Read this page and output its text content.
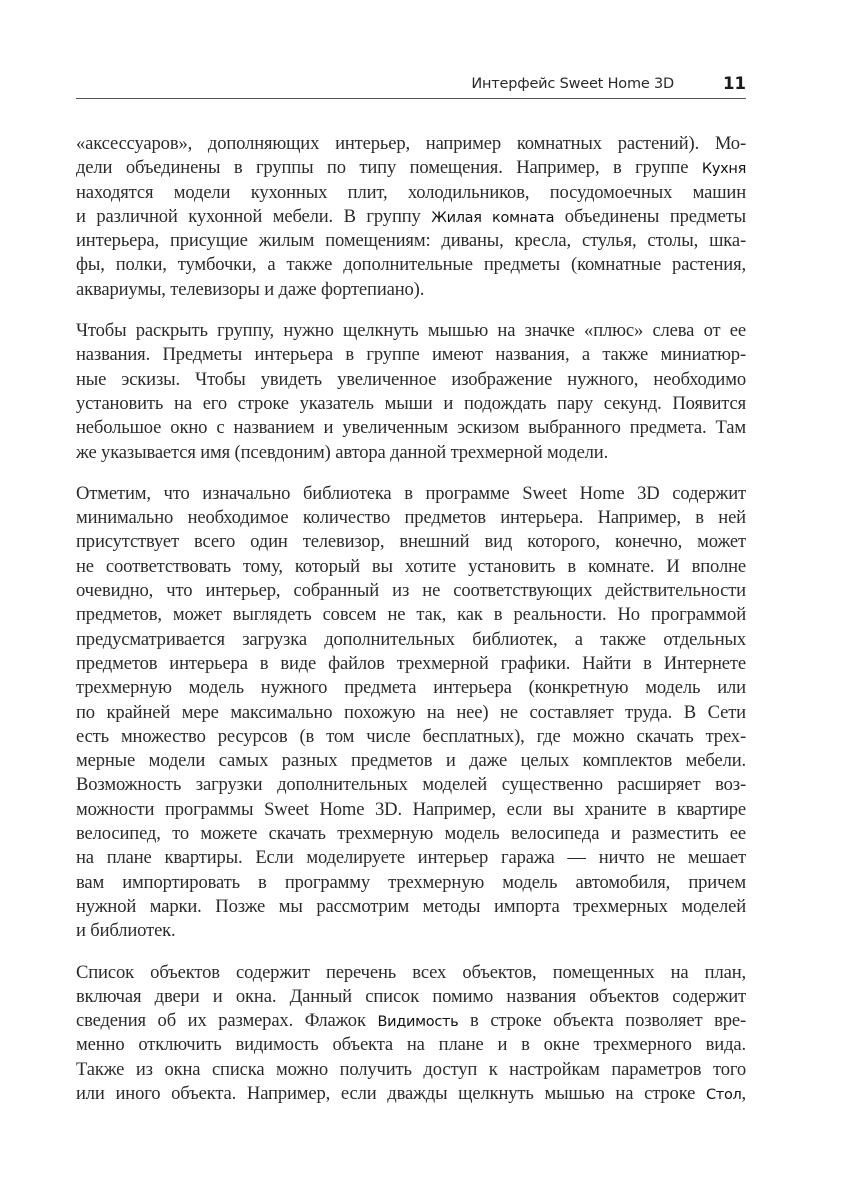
Интерфейс Sweet Home 3D	11
«аксессуаров», дополняющих интерьер, например комнатных растений). Мо-
дели объединены в группы по типу помещения. Например, в группе Кухня
находятся модели кухонных плит, холодильников, посудомоечных машин
и различной кухонной мебели. В группу Жилая комната объединены предметы
интерьера, присущие жилым помещениям: диваны, кресла, стулья, столы, шка-
фы, полки, тумбочки, а также дополнительные предметы (комнатные растения,
аквариумы, телевизоры и даже фортепиано).
Чтобы раскрыть группу, нужно щелкнуть мышью на значке «плюс» слева от ее
названия. Предметы интерьера в группе имеют названия, а также миниатюр-
ные эскизы. Чтобы увидеть увеличенное изображение нужного, необходимо
установить на его строке указатель мыши и подождать пару секунд. Появится
небольшое окно с названием и увеличенным эскизом выбранного предмета. Там
же указывается имя (псевдоним) автора данной трехмерной модели.
Отметим, что изначально библиотека в программе Sweet Home 3D содержит
минимально необходимое количество предметов интерьера. Например, в ней
присутствует всего один телевизор, внешний вид которого, конечно, может
не соответствовать тому, который вы хотите установить в комнате. И вполне
очевидно, что интерьер, собранный из не соответствующих действительности
предметов, может выглядеть совсем не так, как в реальности. Но программой
предусматривается загрузка дополнительных библиотек, а также отдельных
предметов интерьера в виде файлов трехмерной графики. Найти в Интернете
трехмерную модель нужного предмета интерьера (конкретную модель или
по крайней мере максимально похожую на нее) не составляет труда. В Сети
есть множество ресурсов (в том числе бесплатных), где можно скачать трех-
мерные модели самых разных предметов и даже целых комплектов мебели.
Возможность загрузки дополнительных моделей существенно расширяет воз-
можности программы Sweet Home 3D. Например, если вы храните в квартире
велосипед, то можете скачать трехмерную модель велосипеда и разместить ее
на плане квартиры. Если моделируете интерьер гаража — ничто не мешает
вам импортировать в программу трехмерную модель автомобиля, причем
нужной марки. Позже мы рассмотрим методы импорта трехмерных моделей
и библиотек.
Список объектов содержит перечень всех объектов, помещенных на план,
включая двери и окна. Данный список помимо названия объектов содержит
сведения об их размерах. Флажок Видимость в строке объекта позволяет вре-
менно отключить видимость объекта на плане и в окне трехмерного вида.
Также из окна списка можно получить доступ к настройкам параметров того
или иного объекта. Например, если дважды щелкнуть мышью на строке Стол,
